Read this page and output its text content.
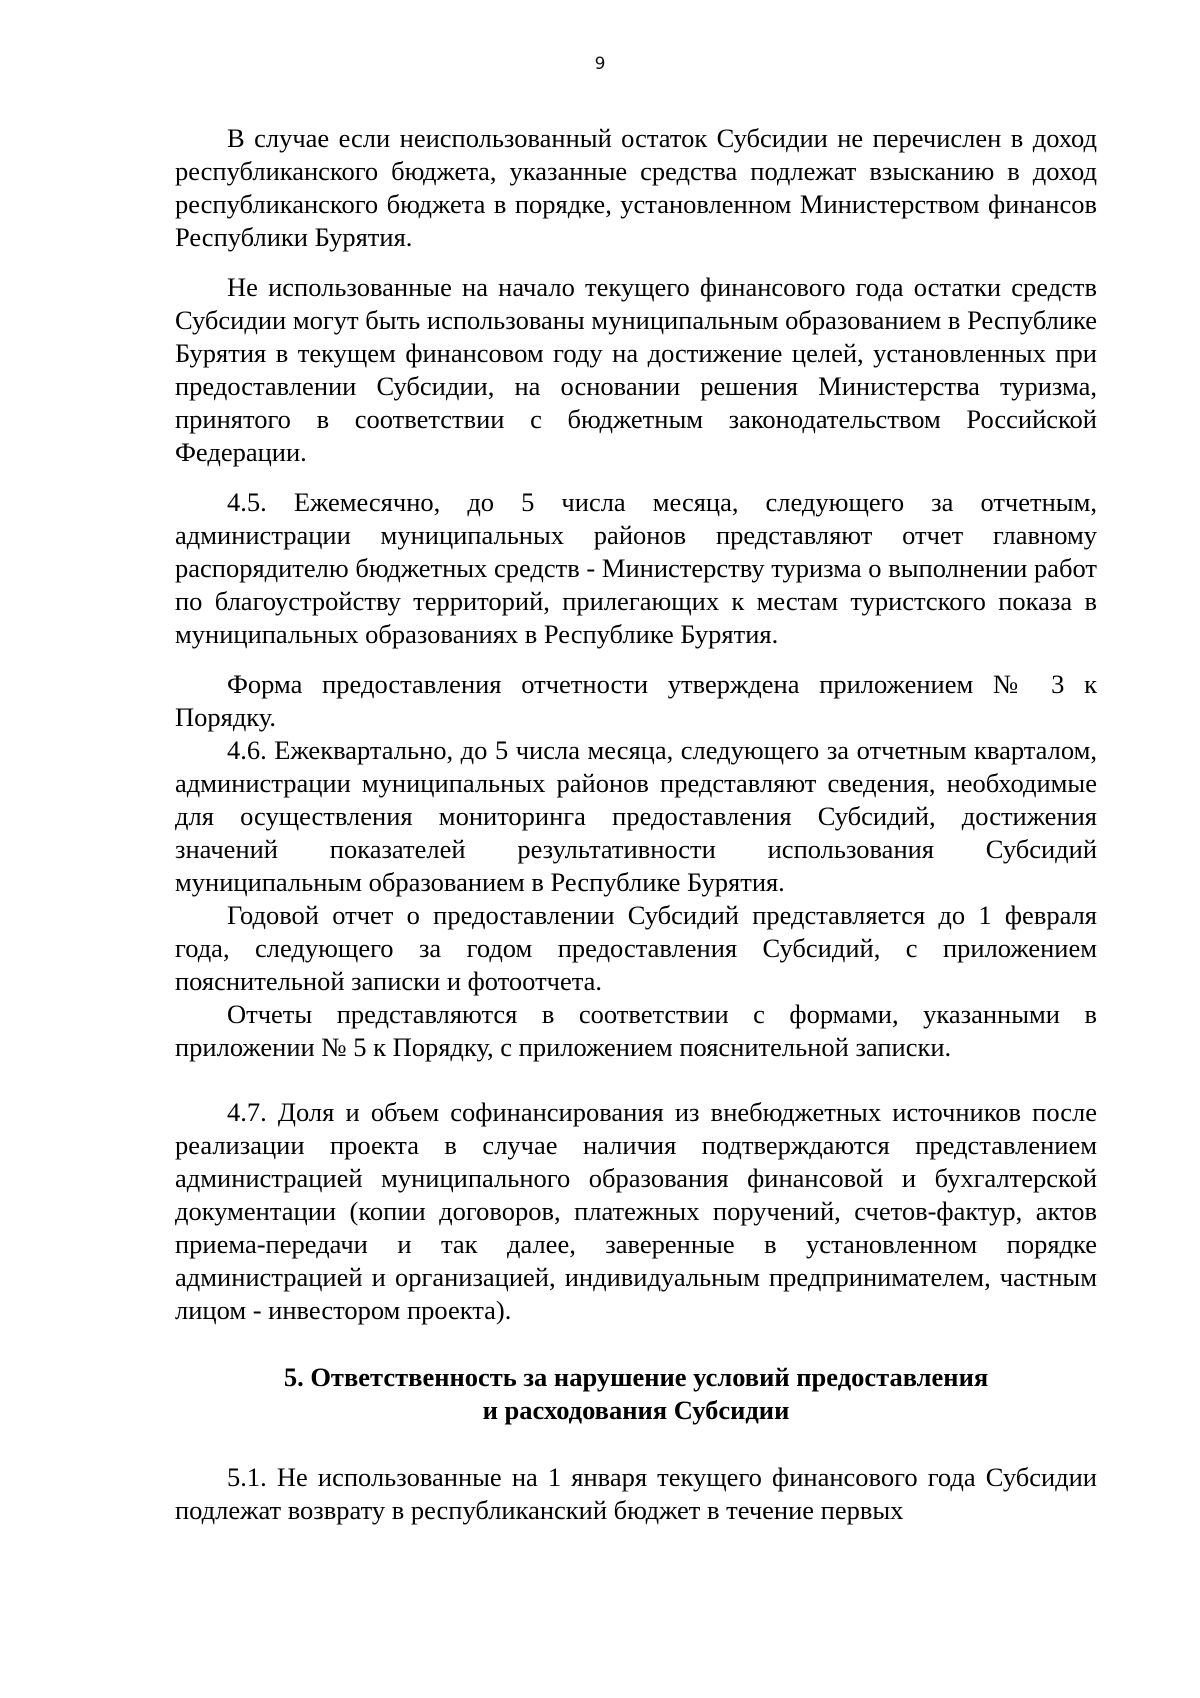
9

В случае если неиспользованный остаток Субсидии не перечислен в доход республиканского бюджета, указанные средства подлежат взысканию в доход республиканского бюджета в порядке, установленном Министерством финансов Республики Бурятия.

Не использованные на начало текущего финансового года остатки средств Субсидии могут быть использованы муниципальным образованием в Республике Бурятия в текущем финансовом году на достижение целей, установленных при предоставлении Субсидии, на основании решения Министерства туризма, принятого в соответствии с бюджетным законодательством Российской Федерации.

4.5. Ежемесячно, до 5 числа месяца, следующего за отчетным, администрации муниципальных районов представляют отчет главному распорядителю бюджетных средств - Министерству туризма о выполнении работ по благоустройству территорий, прилегающих к местам туристского показа в муниципальных образованиях в Республике Бурятия.

Форма предоставления отчетности утверждена приложением № 3 к Порядку.

4.6. Ежеквартально, до 5 числа месяца, следующего за отчетным кварталом, администрации муниципальных районов представляют сведения, необходимые для осуществления мониторинга предоставления Субсидий, достижения значений показателей результативности использования Субсидий муниципальным образованием в Республике Бурятия.

Годовой отчет о предоставлении Субсидий представляется до 1 февраля года, следующего за годом предоставления Субсидий, с приложением пояснительной записки и фотоотчета.

Отчеты представляются в соответствии с формами, указанными в приложении № 5 к Порядку, с приложением пояснительной записки.

4.7. Доля и объем софинансирования из внебюджетных источников после реализации проекта в случае наличия подтверждаются представлением администрацией муниципального образования финансовой и бухгалтерской документации (копии договоров, платежных поручений, счетов-фактур, актов приема-передачи и так далее, заверенные в установленном порядке администрацией и организацией, индивидуальным предпринимателем, частным лицом - инвестором проекта).

5. Ответственность за нарушение условий предоставления
и расходования Субсидии

5.1. Не использованные на 1 января текущего финансового года Субсидии подлежат возврату в республиканский бюджет в течение первых
